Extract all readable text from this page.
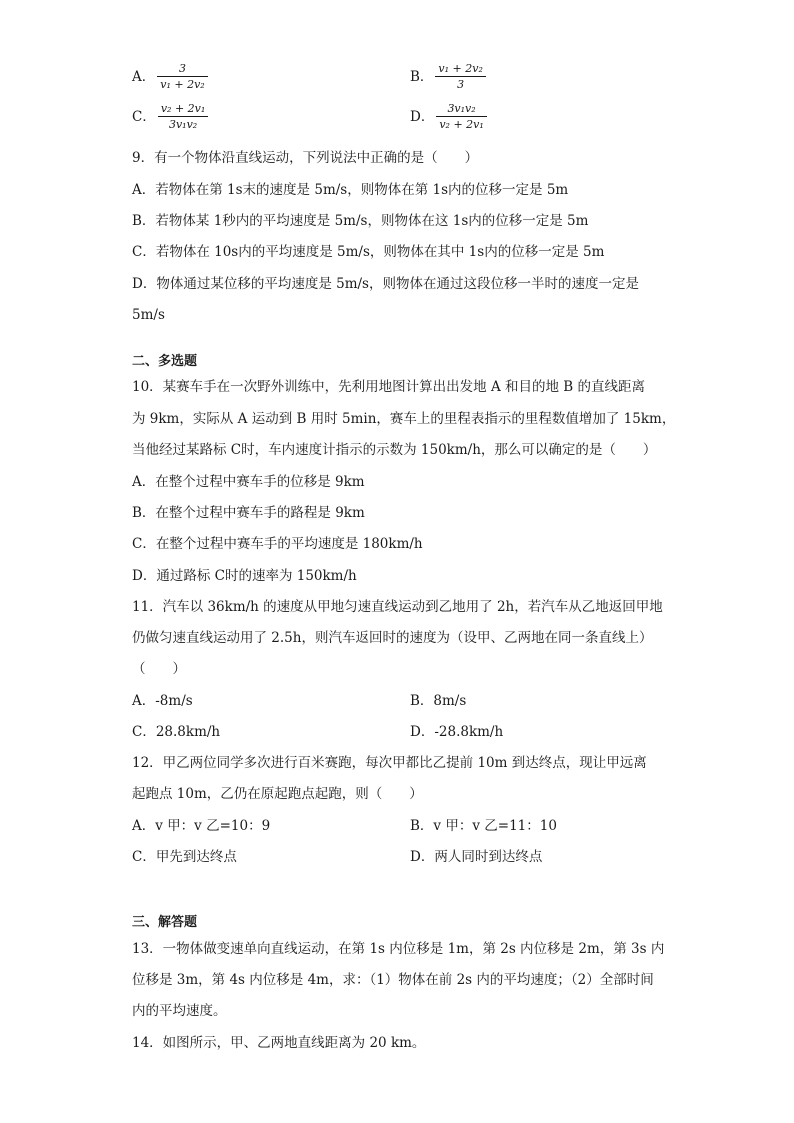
A． $\frac{3}{\text{v₁ + 2v₂}}$	B． $\frac{\text{v₁ + 2v₂}}{3}$
C． $\frac{\text{v₂ + 2v₁}}{\text{3v₁v₂}}$	D． $\frac{\text{3v₁v₂}}{\text{v₂ + 2v₁}}$
9．有一个物体沿直线运动，下列说法中正确的是（　　）
A．若物体在第 1s末的速度是 5m/s，则物体在第 1s内的位移一定是 5m
B．若物体某 1秒内的平均速度是 5m/s，则物体在这 1s内的位移一定是 5m
C．若物体在 10s内的平均速度是 5m/s，则物体在其中 1s内的位移一定是 5m
D．物体通过某位移的平均速度是 5m/s，则物体在通过这段位移一半时的速度一定是
5m/s
二、多选题
10．某赛车手在一次野外训练中，先利用地图计算出出发地 A 和目的地 B 的直线距离
为 9km，实际从 A 运动到 B 用时 5min，赛车上的里程表指示的里程数值增加了 15km，
当他经过某路标 C时，车内速度计指示的示数为 150km/h，那么可以确定的是（　　）
A．在整个过程中赛车手的位移是 9km
B．在整个过程中赛车手的路程是 9km
C．在整个过程中赛车手的平均速度是 180km/h
D．通过路标 C时的速率为 150km/h
11．汽车以 36km/h 的速度从甲地匀速直线运动到乙地用了 2h，若汽车从乙地返回甲地
仍做匀速直线运动用了 2.5h，则汽车返回时的速度为（设甲、乙两地在同一条直线上）
（　　）
A．-8m/s	B．8m/s
C．28.8km/h	D．-28.8km/h
12．甲乙两位同学多次进行百米赛跑，每次甲都比乙提前 10m 到达终点，现让甲远离
起跑点 10m，乙仍在原起跑点起跑，则（　　）
A．v 甲：v 乙=10：9	B．v 甲：v 乙=11：10
C．甲先到达终点	D．两人同时到达终点
三、解答题
13．一物体做变速单向直线运动，在第 1s 内位移是 1m，第 2s 内位移是 2m，第 3s 内
位移是 3m，第 4s 内位移是 4m，求：（1）物体在前 2s 内的平均速度；（2）全部时间
内的平均速度。
14．如图所示，甲、乙两地直线距离为 20 km。
